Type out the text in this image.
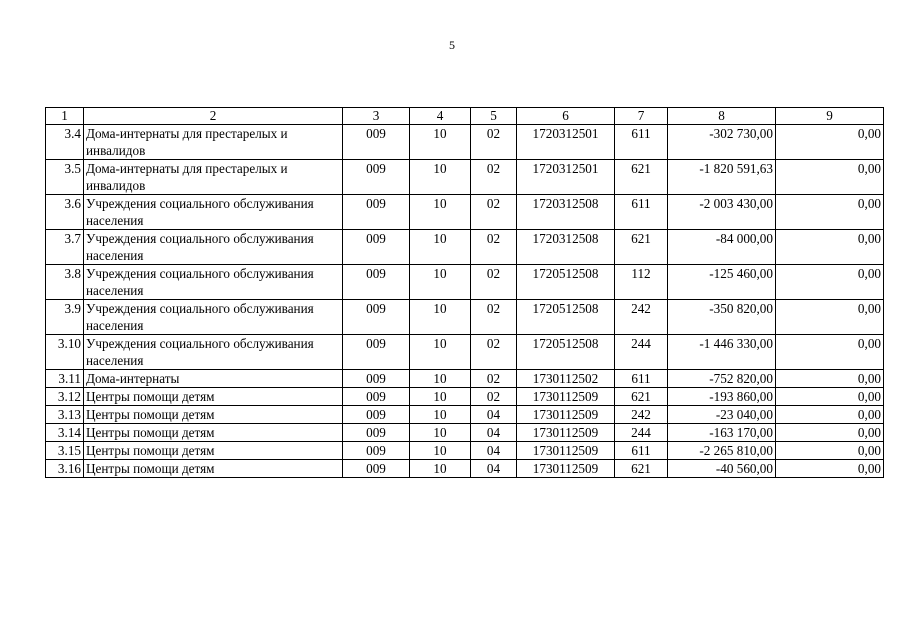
5
1	2	3	4	5	6	7	8	9
3.4	Дома-интернаты для престарелых и инвалидов	009	10	02	1720312501	611	-302 730,00	0,00
3.5	Дома-интернаты для престарелых и инвалидов	009	10	02	1720312501	621	-1 820 591,63	0,00
3.6	Учреждения социального обслуживания населения	009	10	02	1720312508	611	-2 003 430,00	0,00
3.7	Учреждения социального обслуживания населения	009	10	02	1720312508	621	-84 000,00	0,00
3.8	Учреждения социального обслуживания населения	009	10	02	1720512508	112	-125 460,00	0,00
3.9	Учреждения социального обслуживания населения	009	10	02	1720512508	242	-350 820,00	0,00
3.10	Учреждения социального обслуживания населения	009	10	02	1720512508	244	-1 446 330,00	0,00
3.11	Дома-интернаты	009	10	02	1730112502	611	-752 820,00	0,00
3.12	Центры помощи детям	009	10	02	1730112509	621	-193 860,00	0,00
3.13	Центры помощи детям	009	10	04	1730112509	242	-23 040,00	0,00
3.14	Центры помощи детям	009	10	04	1730112509	244	-163 170,00	0,00
3.15	Центры помощи детям	009	10	04	1730112509	611	-2 265 810,00	0,00
3.16	Центры помощи детям	009	10	04	1730112509	621	-40 560,00	0,00
